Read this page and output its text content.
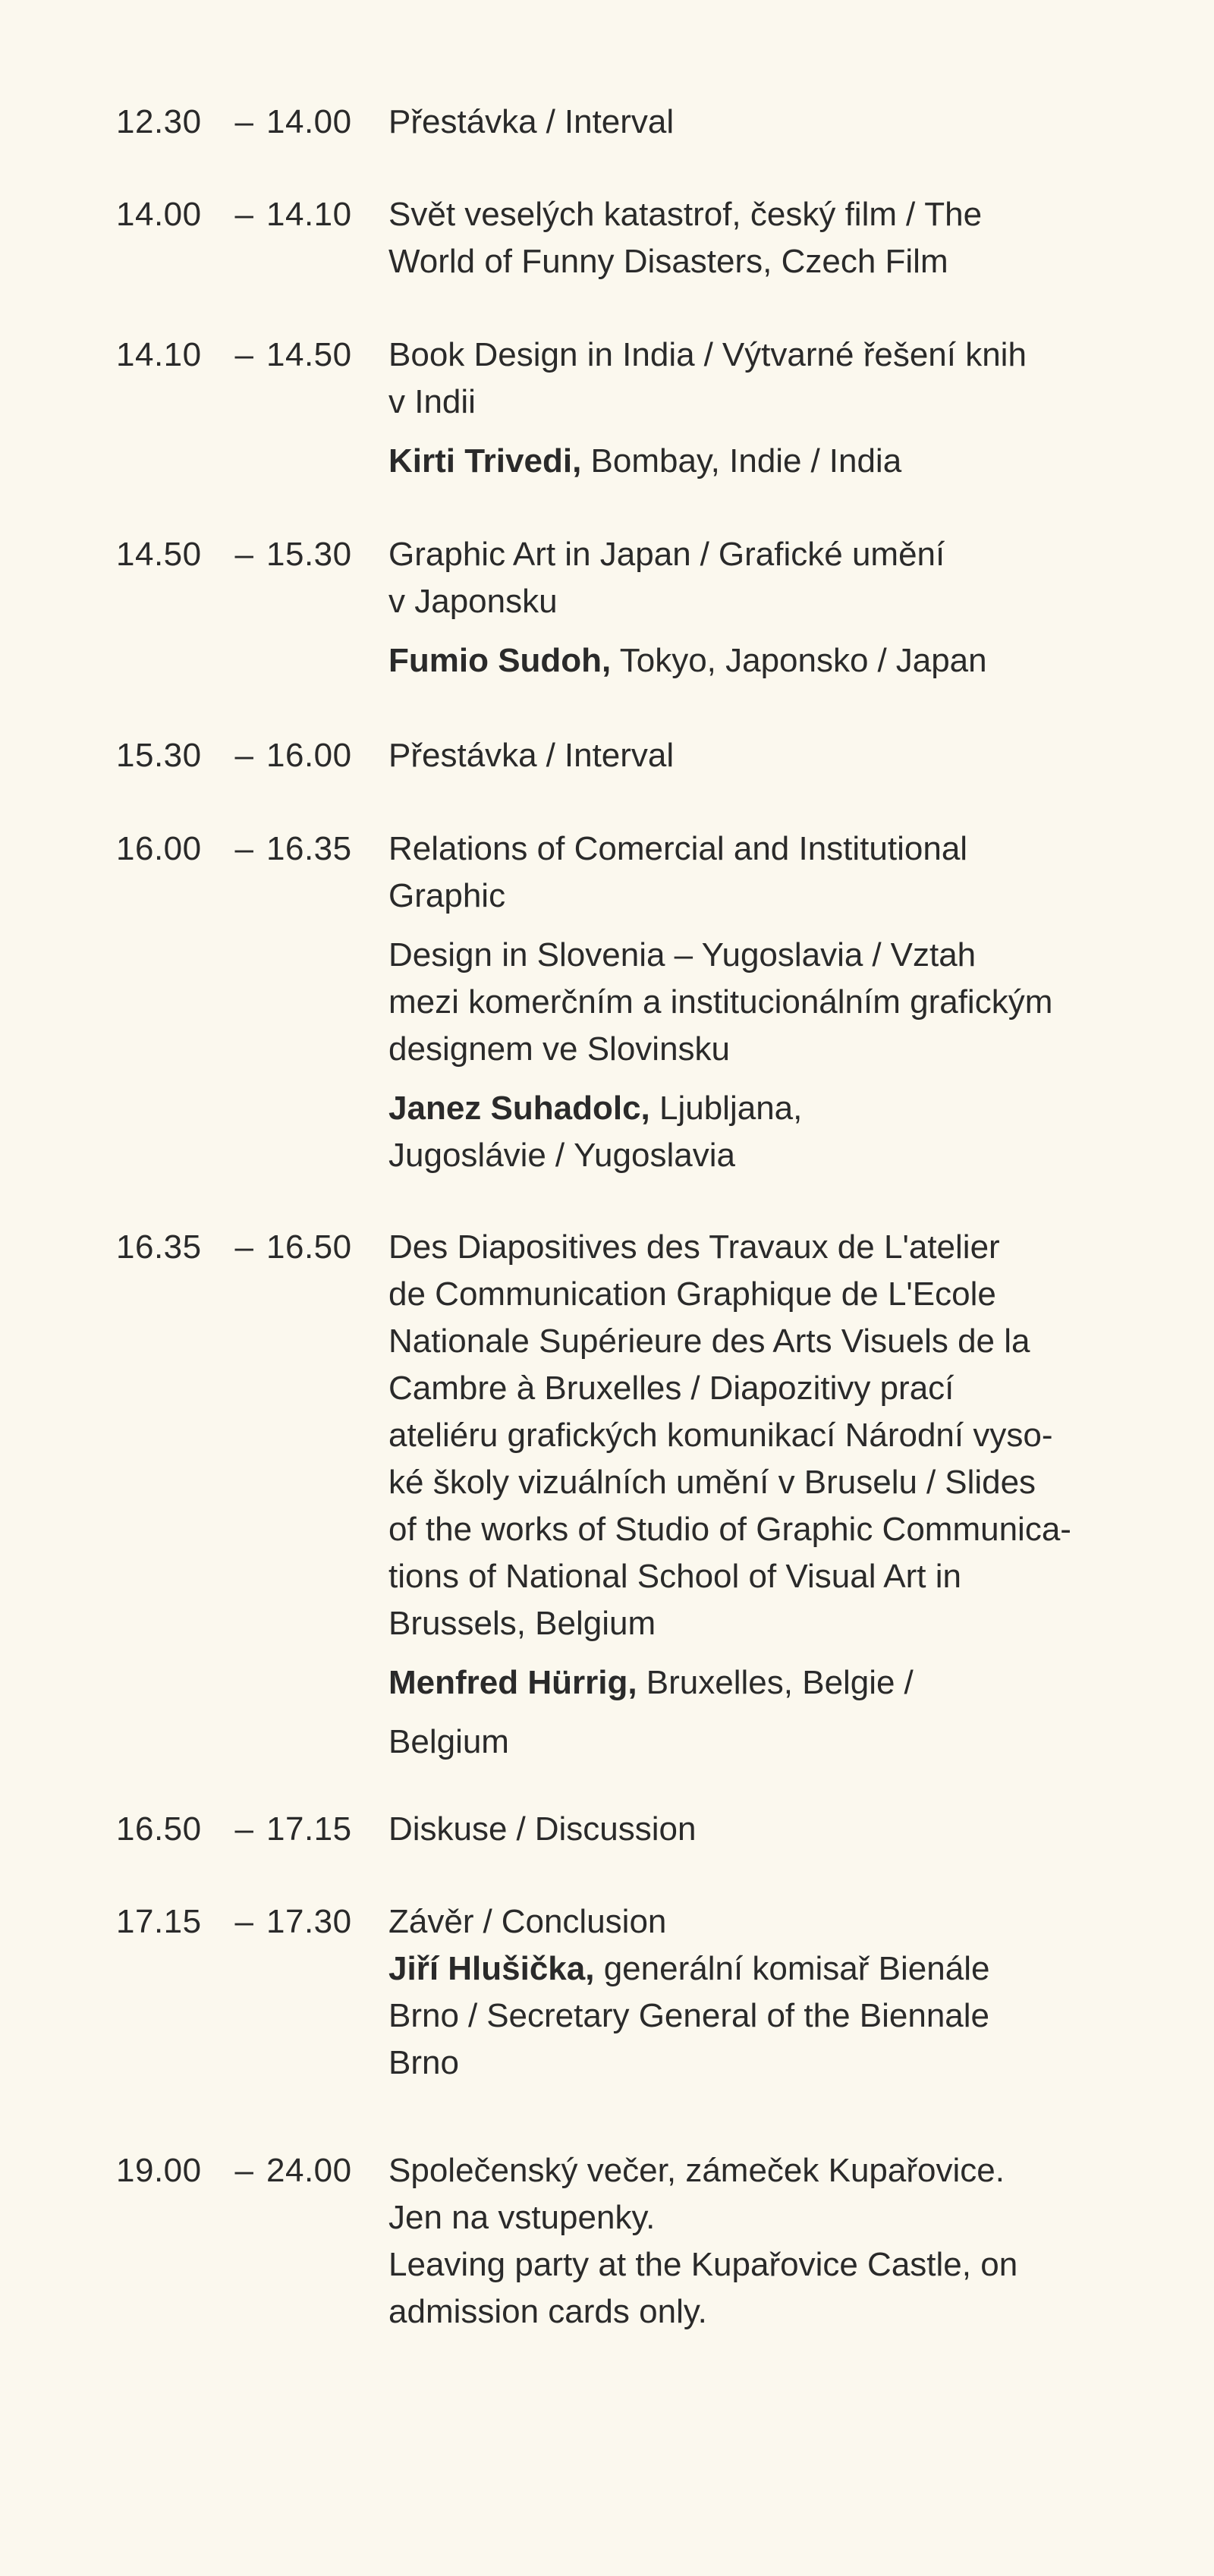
12.30 – 14.00	Přestávka / Interval
14.00 – 14.10	Svět veselých katastrof, český film / The
World of Funny Disasters, Czech Film
14.10 – 14.50	Book Design in India / Výtvarné řešení knih
v Indii
Kirti Trivedi, Bombay, Indie / India
14.50 – 15.30	Graphic Art in Japan / Grafické umění
v Japonsku
Fumio Sudoh, Tokyo, Japonsko / Japan
15.30 – 16.00	Přestávka / Interval
16.00 – 16.35	Relations of Comercial and Institutional
Graphic
Design in Slovenia – Yugoslavia / Vztah
mezi komerčním a institucionálním grafickým
designem ve Slovinsku
Janez Suhadolc, Ljubljana,
Jugoslávie / Yugoslavia
16.35 – 16.50	Des Diapositives des Travaux de L'atelier
de Communication Graphique de L'Ecole
Nationale Supérieure des Arts Visuels de la
Cambre à Bruxelles / Diapozitivy prací
ateliéru grafických komunikací Národní vyso-
ké školy vizuálních umění v Bruselu / Slides
of the works of Studio of Graphic Communica-
tions of National School of Visual Art in
Brussels, Belgium
Menfred Hürrig, Bruxelles, Belgie /
Belgium
16.50 – 17.15	Diskuse / Discussion
17.15 – 17.30	Závěr / Conclusion
Jiří Hlušička, generální komisař Bienále
Brno / Secretary General of the Biennale
Brno
19.00 – 24.00	Společenský večer, zámeček Kupařovice.
Jen na vstupenky.
Leaving party at the Kupařovice Castle, on
admission cards only.
